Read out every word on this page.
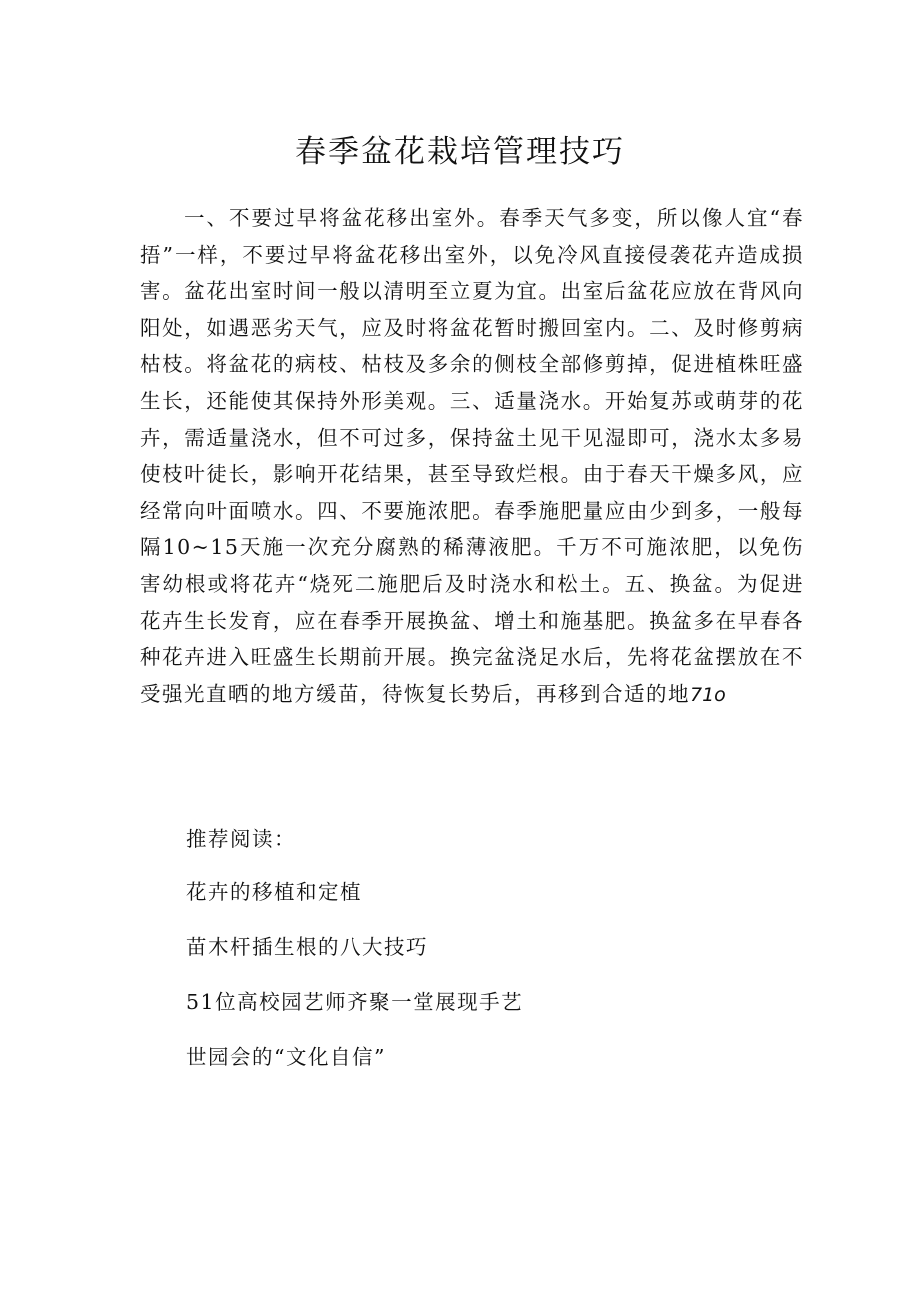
春季盆花栽培管理技巧

一、不要过早将盆花移出室外。春季天气多变，所以像人宜“春捂”一样，不要过早将盆花移出室外，以免冷风直接侵袭花卉造成损害。盆花出室时间一般以清明至立夏为宜。出室后盆花应放在背风向阳处，如遇恶劣天气，应及时将盆花暂时搬回室内。二、及时修剪病枯枝。将盆花的病枝、枯枝及多余的侧枝全部修剪掉，促进植株旺盛生长，还能使其保持外形美观。三、适量浇水。开始复苏或萌芽的花卉，需适量浇水，但不可过多，保持盆土见干见湿即可，浇水太多易使枝叶徒长，影响开花结果，甚至导致烂根。由于春天干燥多风，应经常向叶面喷水。四、不要施浓肥。春季施肥量应由少到多，一般每隔10~15天施一次充分腐熟的稀薄液肥。千万不可施浓肥，以免伤害幼根或将花卉“烧死二施肥后及时浇水和松土。五、换盆。为促进花卉生长发育，应在春季开展换盆、增土和施基肥。换盆多在早春各种花卉进入旺盛生长期前开展。换完盆浇足水后，先将花盆摆放在不受强光直晒的地方缓苗，待恢复长势后，再移到合适的地71o

推荐阅读：

花卉的移植和定植

苗木杆插生根的八大技巧

51位高校园艺师齐聚一堂展现手艺

世园会的“文化自信”
